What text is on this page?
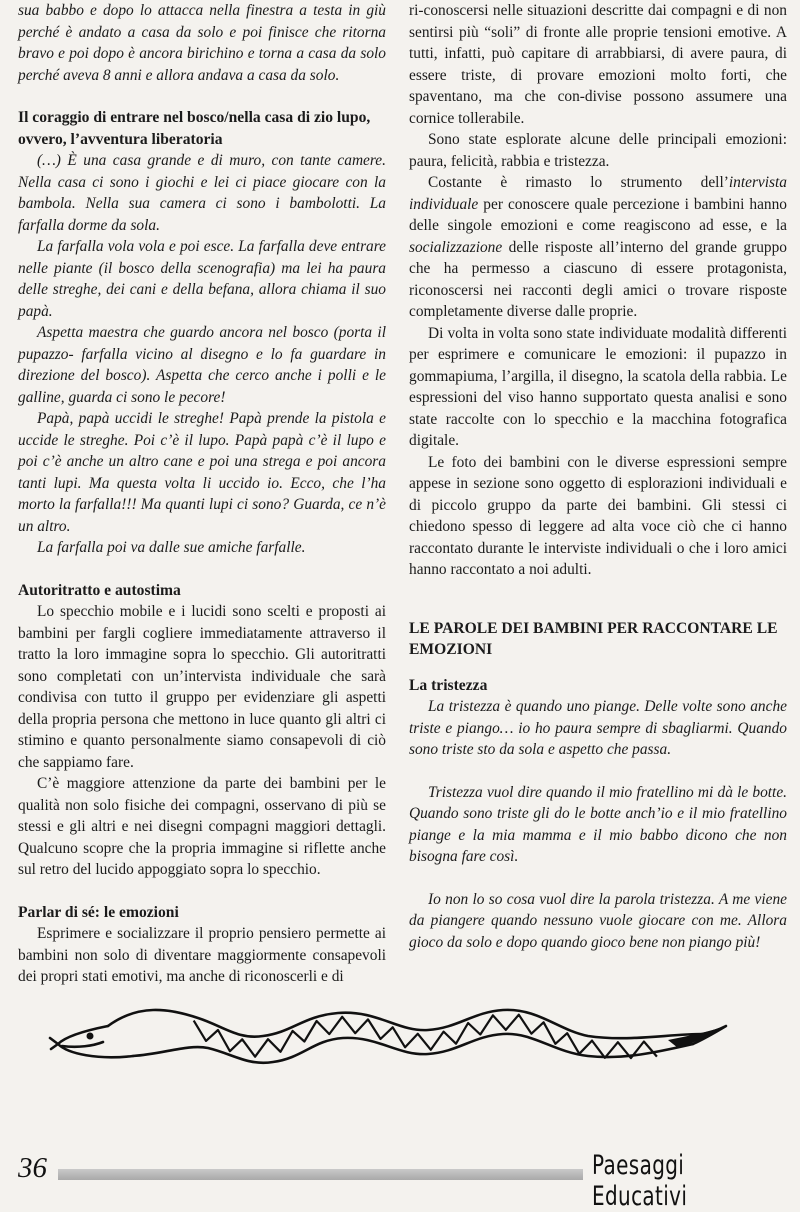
sua babbo e dopo lo attacca nella finestra a testa in giù perché è andato a casa da solo e poi finisce che ritorna bravo e poi dopo è ancora birichino e torna a casa da solo perché aveva 8 anni e allora andava a casa da solo.

Il coraggio di entrare nel bosco/nella casa di zio lupo, ovvero, l’avventura liberatoria

(…) È una casa grande e di muro, con tante camere. Nella casa ci sono i giochi e lei ci piace giocare con la bambola. Nella sua camera ci sono i bambolotti. La farfalla dorme da sola.

La farfalla vola vola e poi esce. La farfalla deve entrare nelle piante (il bosco della scenografia) ma lei ha paura delle streghe, dei cani e della befana, allora chiama il suo papà.

Aspetta maestra che guardo ancora nel bosco (porta il pupazzo- farfalla vicino al disegno e lo fa guardare in direzione del bosco). Aspetta che cerco anche i polli e le galline, guarda ci sono le pecore!

Papà, papà uccidi le streghe! Papà prende la pistola e uccide le streghe. Poi c’è il lupo. Papà papà c’è il lupo e poi c’è anche un altro cane e poi una strega e poi ancora tanti lupi. Ma questa volta li uccido io. Ecco, che l’ha morto la farfalla!!! Ma quanti lupi ci sono? Guarda, ce n’è un altro.

La farfalla poi va dalle sue amiche farfalle.

Autoritratto e autostima

Lo specchio mobile e i lucidi sono scelti e proposti ai bambini per fargli cogliere immediatamente attraverso il tratto la loro immagine sopra lo specchio. Gli autoritratti sono completati con un’intervista individuale che sarà condivisa con tutto il gruppo per evidenziare gli aspetti della propria persona che mettono in luce quanto gli altri ci stimino e quanto personalmente siamo consapevoli di ciò che sappiamo fare.

C’è maggiore attenzione da parte dei bambini per le qualità non solo fisiche dei compagni, osservano di più se stessi e gli altri e nei disegni compagni maggiori dettagli. Qualcuno scopre che la propria immagine si riflette anche sul retro del lucido appoggiato sopra lo specchio.

Parlar di sé: le emozioni

Esprimere e socializzare il proprio pensiero permette ai bambini non solo di diventare maggiormente consapevoli dei propri stati emotivi, ma anche di riconoscerli e di

ri-conoscersi nelle situazioni descritte dai compagni e di non sentirsi più “soli” di fronte alle proprie tensioni emotive. A tutti, infatti, può capitare di arrabbiarsi, di avere paura, di essere triste, di provare emozioni molto forti, che spaventano, ma che con-divise possono assumere una cornice tollerabile.

Sono state esplorate alcune delle principali emozioni: paura, felicità, rabbia e tristezza.

Costante è rimasto lo strumento dell’intervista individuale per conoscere quale percezione i bambini hanno delle singole emozioni e come reagiscono ad esse, e la socializzazione delle risposte all’interno del grande gruppo che ha permesso a ciascuno di essere protagonista, riconoscersi nei racconti degli amici o trovare risposte completamente diverse dalle proprie.

Di volta in volta sono state individuate modalità differenti per esprimere e comunicare le emozioni: il pupazzo in gommapiuma, l’argilla, il disegno, la scatola della rabbia. Le espressioni del viso hanno supportato questa analisi e sono state raccolte con lo specchio e la macchina fotografica digitale.

Le foto dei bambini con le diverse espressioni sempre appese in sezione sono oggetto di esplorazioni individuali e di piccolo gruppo da parte dei bambini. Gli stessi ci chiedono spesso di leggere ad alta voce ciò che ci hanno raccontato durante le interviste individuali o che i loro amici hanno raccontato a noi adulti.

LE PAROLE DEI BAMBINI PER RACCONTARE LE EMOZIONI
La tristezza

La tristezza è quando uno piange. Delle volte sono anche triste e piango… io ho paura sempre di sbagliarmi. Quando sono triste sto da sola e aspetto che passa.

Tristezza vuol dire quando il mio fratellino mi dà le botte. Quando sono triste gli do le botte anch’io e il mio fratellino piange e la mia mamma e il mio babbo dicono che non bisogna fare così.

Io non lo so cosa vuol dire la parola tristezza. A me viene da piangere quando nessuno vuole giocare con me. Allora gioco da solo e dopo quando gioco bene non piango più!

36	Paesaggi Educativi
